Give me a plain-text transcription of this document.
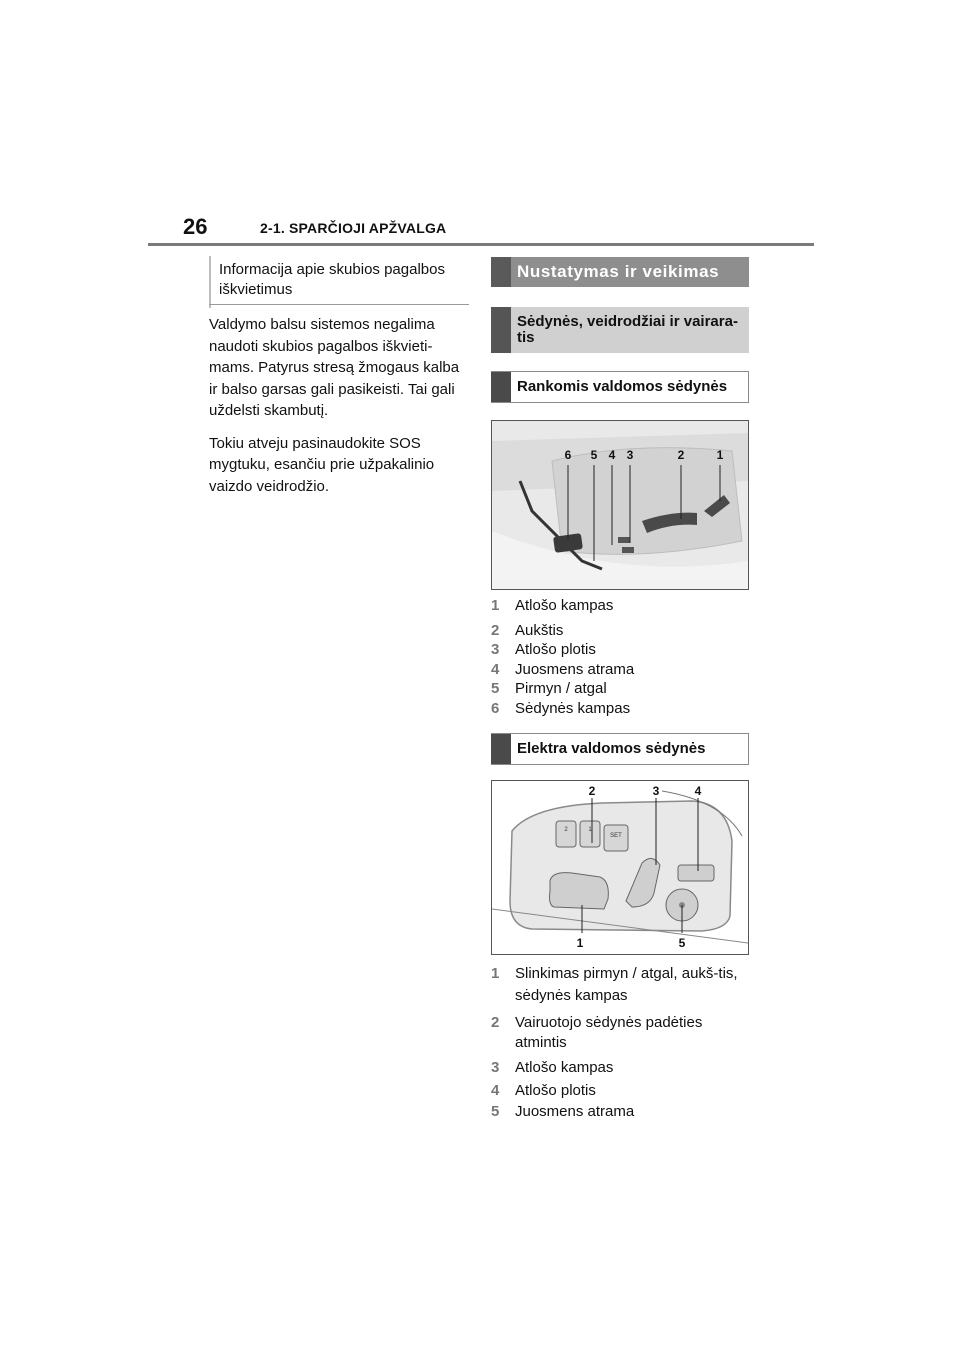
26	2-1. SPARČIOJI APŽVALGA
Informacija apie skubios pagalbos iškvietimus

Valdymo balsu sistemos negalima naudoti skubios pagalbos iškvieti-mams. Patyrus stresą žmogaus kalba ir balso garsas gali pasikeisti. Tai gali uždelsti skambutį.

Tokiu atveju pasinaudokite SOS mygtuku, esančiu prie užpakalinio vaizdo veidrodžio.

Nustatymas ir veikimas
Sėdynės, veidrodžiai ir vairara-tis
Rankomis valdomos sėdynės
6 5 4 3	2	1
1	Atlošo kampas
2	Aukštis
3	Atlošo plotis
4	Juosmens atrama
5	Pirmyn / atgal
6	Sėdynės kampas
Elektra valdomos sėdynės
2	1
SET
2	3	4
1	5
1	Slinkimas pirmyn / atgal, aukš-tis, sėdynės kampas
2	Vairuotojo sėdynės padėties atmintis
3	Atlošo kampas
4	Atlošo plotis
5	Juosmens atrama
